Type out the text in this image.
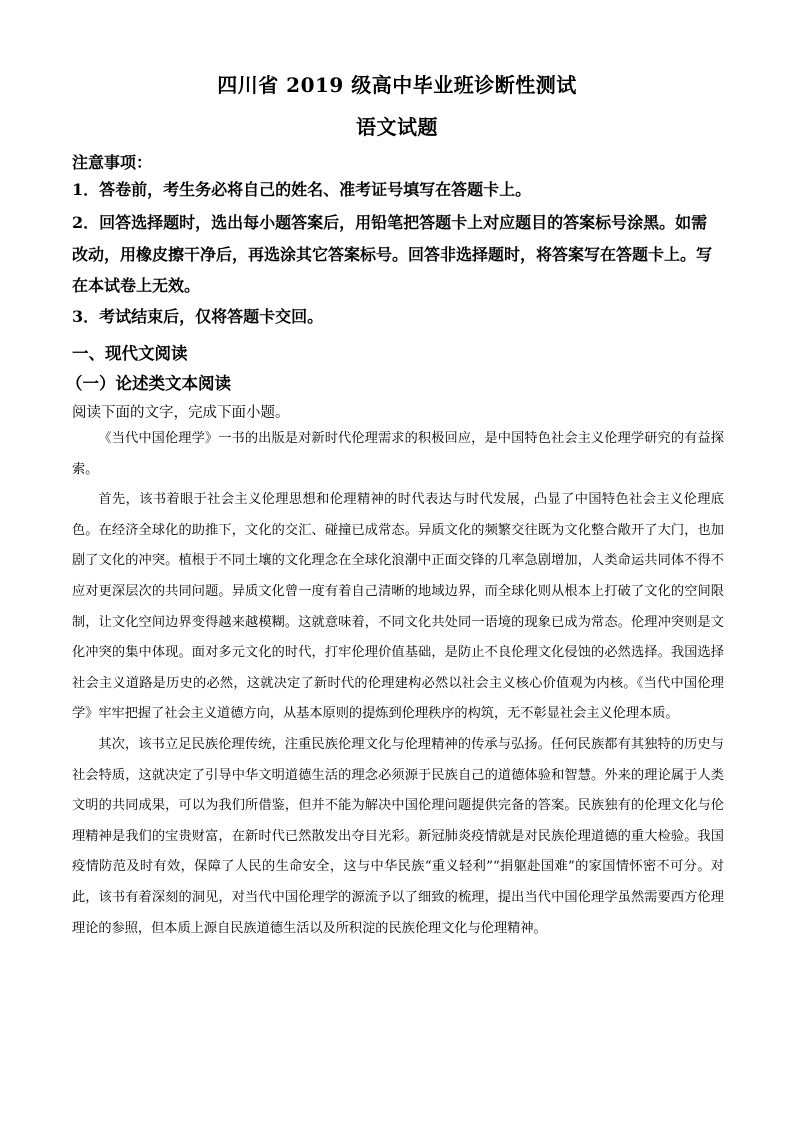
四川省 2019 级高中毕业班诊断性测试
语文试题
注意事项：
1．答卷前，考生务必将自己的姓名、准考证号填写在答题卡上。
2．回答选择题时，选出每小题答案后，用铅笔把答题卡上对应题目的答案标号涂黑。如需
改动，用橡皮擦干净后，再选涂其它答案标号。回答非选择题时，将答案写在答题卡上。写
在本试卷上无效。
3．考试结束后，仅将答题卡交回。
一、现代文阅读
（一）论述类文本阅读
阅读下面的文字，完成下面小题。

《当代中国伦理学》一书的出版是对新时代伦理需求的积极回应，是中国特色社会主义伦理学研究的有益探索。

首先，该书着眼于社会主义伦理思想和伦理精神的时代表达与时代发展，凸显了中国特色社会主义伦理底色。在经济全球化的助推下，文化的交汇、碰撞已成常态。异质文化的频繁交往既为文化整合敞开了大门，也加剧了文化的冲突。植根于不同土壤的文化理念在全球化浪潮中正面交锋的几率急剧增加，人类命运共同体不得不应对更深层次的共同问题。异质文化曾一度有着自己清晰的地域边界，而全球化则从根本上打破了文化的空间限制，让文化空间边界变得越来越模糊。这就意味着，不同文化共处同一语境的现象已成为常态。伦理冲突则是文化冲突的集中体现。面对多元文化的时代，打牢伦理价值基础，是防止不良伦理文化侵蚀的必然选择。我国选择社会主义道路是历史的必然，这就决定了新时代的伦理建构必然以社会主义核心价值观为内核。《当代中国伦理学》牢牢把握了社会主义道德方向，从基本原则的提炼到伦理秩序的构筑，无不彰显社会主义伦理本质。

其次，该书立足民族伦理传统，注重民族伦理文化与伦理精神的传承与弘扬。任何民族都有其独特的历史与社会特质，这就决定了引导中华文明道德生活的理念必须源于民族自己的道德体验和智慧。外来的理论属于人类文明的共同成果，可以为我们所借鉴，但并不能为解决中国伦理问题提供完备的答案。民族独有的伦理文化与伦理精神是我们的宝贵财富，在新时代已然散发出夺目光彩。新冠肺炎疫情就是对民族伦理道德的重大检验。我国疫情防范及时有效，保障了人民的生命安全，这与中华民族“重义轻利”“捐躯赴国难”的家国情怀密不可分。对此，该书有着深刻的洞见，对当代中国伦理学的源流予以了细致的梳理，提出当代中国伦理学虽然需要西方伦理理论的参照，但本质上源自民族道德生活以及所积淀的民族伦理文化与伦理精神。
